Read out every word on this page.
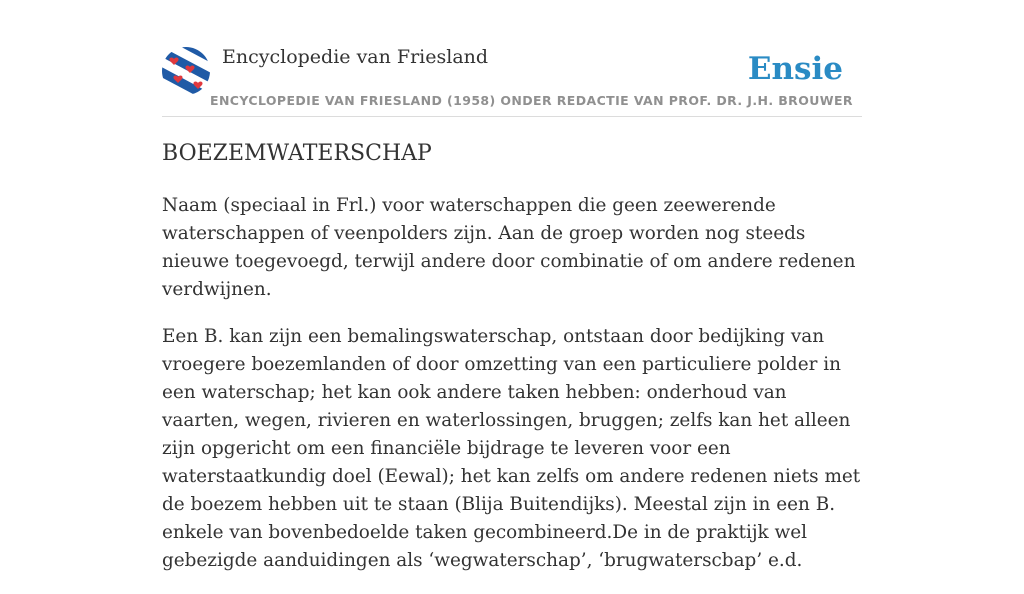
Encyclopedie van Friesland
ENCYCLOPEDIE VAN FRIESLAND (1958) ONDER REDACTIE VAN PROF. DR. J.H. BROUWER
Ensie
BOEZEMWATERSCHAP

Naam (speciaal in Frl.) voor waterschappen die geen zeewerende waterschappen of veenpolders zijn. Aan de groep worden nog steeds nieuwe toegevoegd, terwijl andere door combinatie of om andere redenen verdwijnen.

Een B. kan zijn een bemalingswaterschap, ontstaan door bedijking van vroegere boezemlanden of door omzetting van een particuliere polder in een waterschap; het kan ook andere taken hebben: onderhoud van vaarten, wegen, rivieren en waterlossingen, bruggen; zelfs kan het alleen zijn opgericht om een financiële bijdrage te leveren voor een waterstaatkundig doel (Eewal); het kan zelfs om andere redenen niets met de boezem hebben uit te staan (Blija Buitendijks). Meestal zijn in een B. enkele van bovenbedoelde taken gecombineerd.De in de praktijk wel gebezigde aanduidingen als ‘wegwaterschap’, ‘brugwaterscbap’ e.d.
